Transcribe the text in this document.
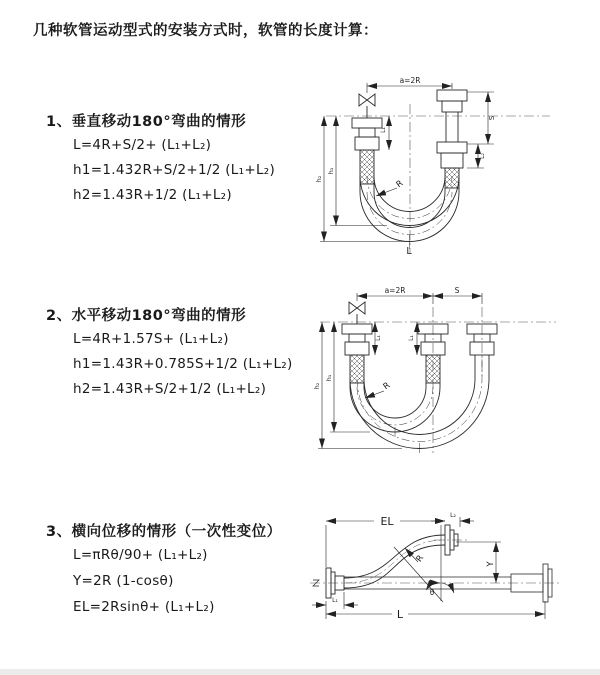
几种软管运动型式的安装方式时，软管的长度计算：
1、垂直移动180°弯曲的情形
L=4R+S/2+ (L₁+L₂)
h1=1.432R+S/2+1/2 (L₁+L₂)
h2=1.43R+1/2 (L₁+L₂)
2、水平移动180°弯曲的情形
L=4R+1.57S+ (L₁+L₂)
h1=1.43R+0.785S+1/2 (L₁+L₂)
h2=1.43R+S/2+1/2 (L₁+L₂)
3、横向位移的情形（一次性变位）
L=πRθ/90+ (L₁+L₂)
Y=2R (1-cosθ)
EL=2Rsinθ+ (L₁+L₂)
a=2R
S
L₂
L₁
h₁
h₂	R
L
a=2R	S
L₁	L₁
h₁
h₂	R
EL	L₂
Y
R
L
L₁
θ
